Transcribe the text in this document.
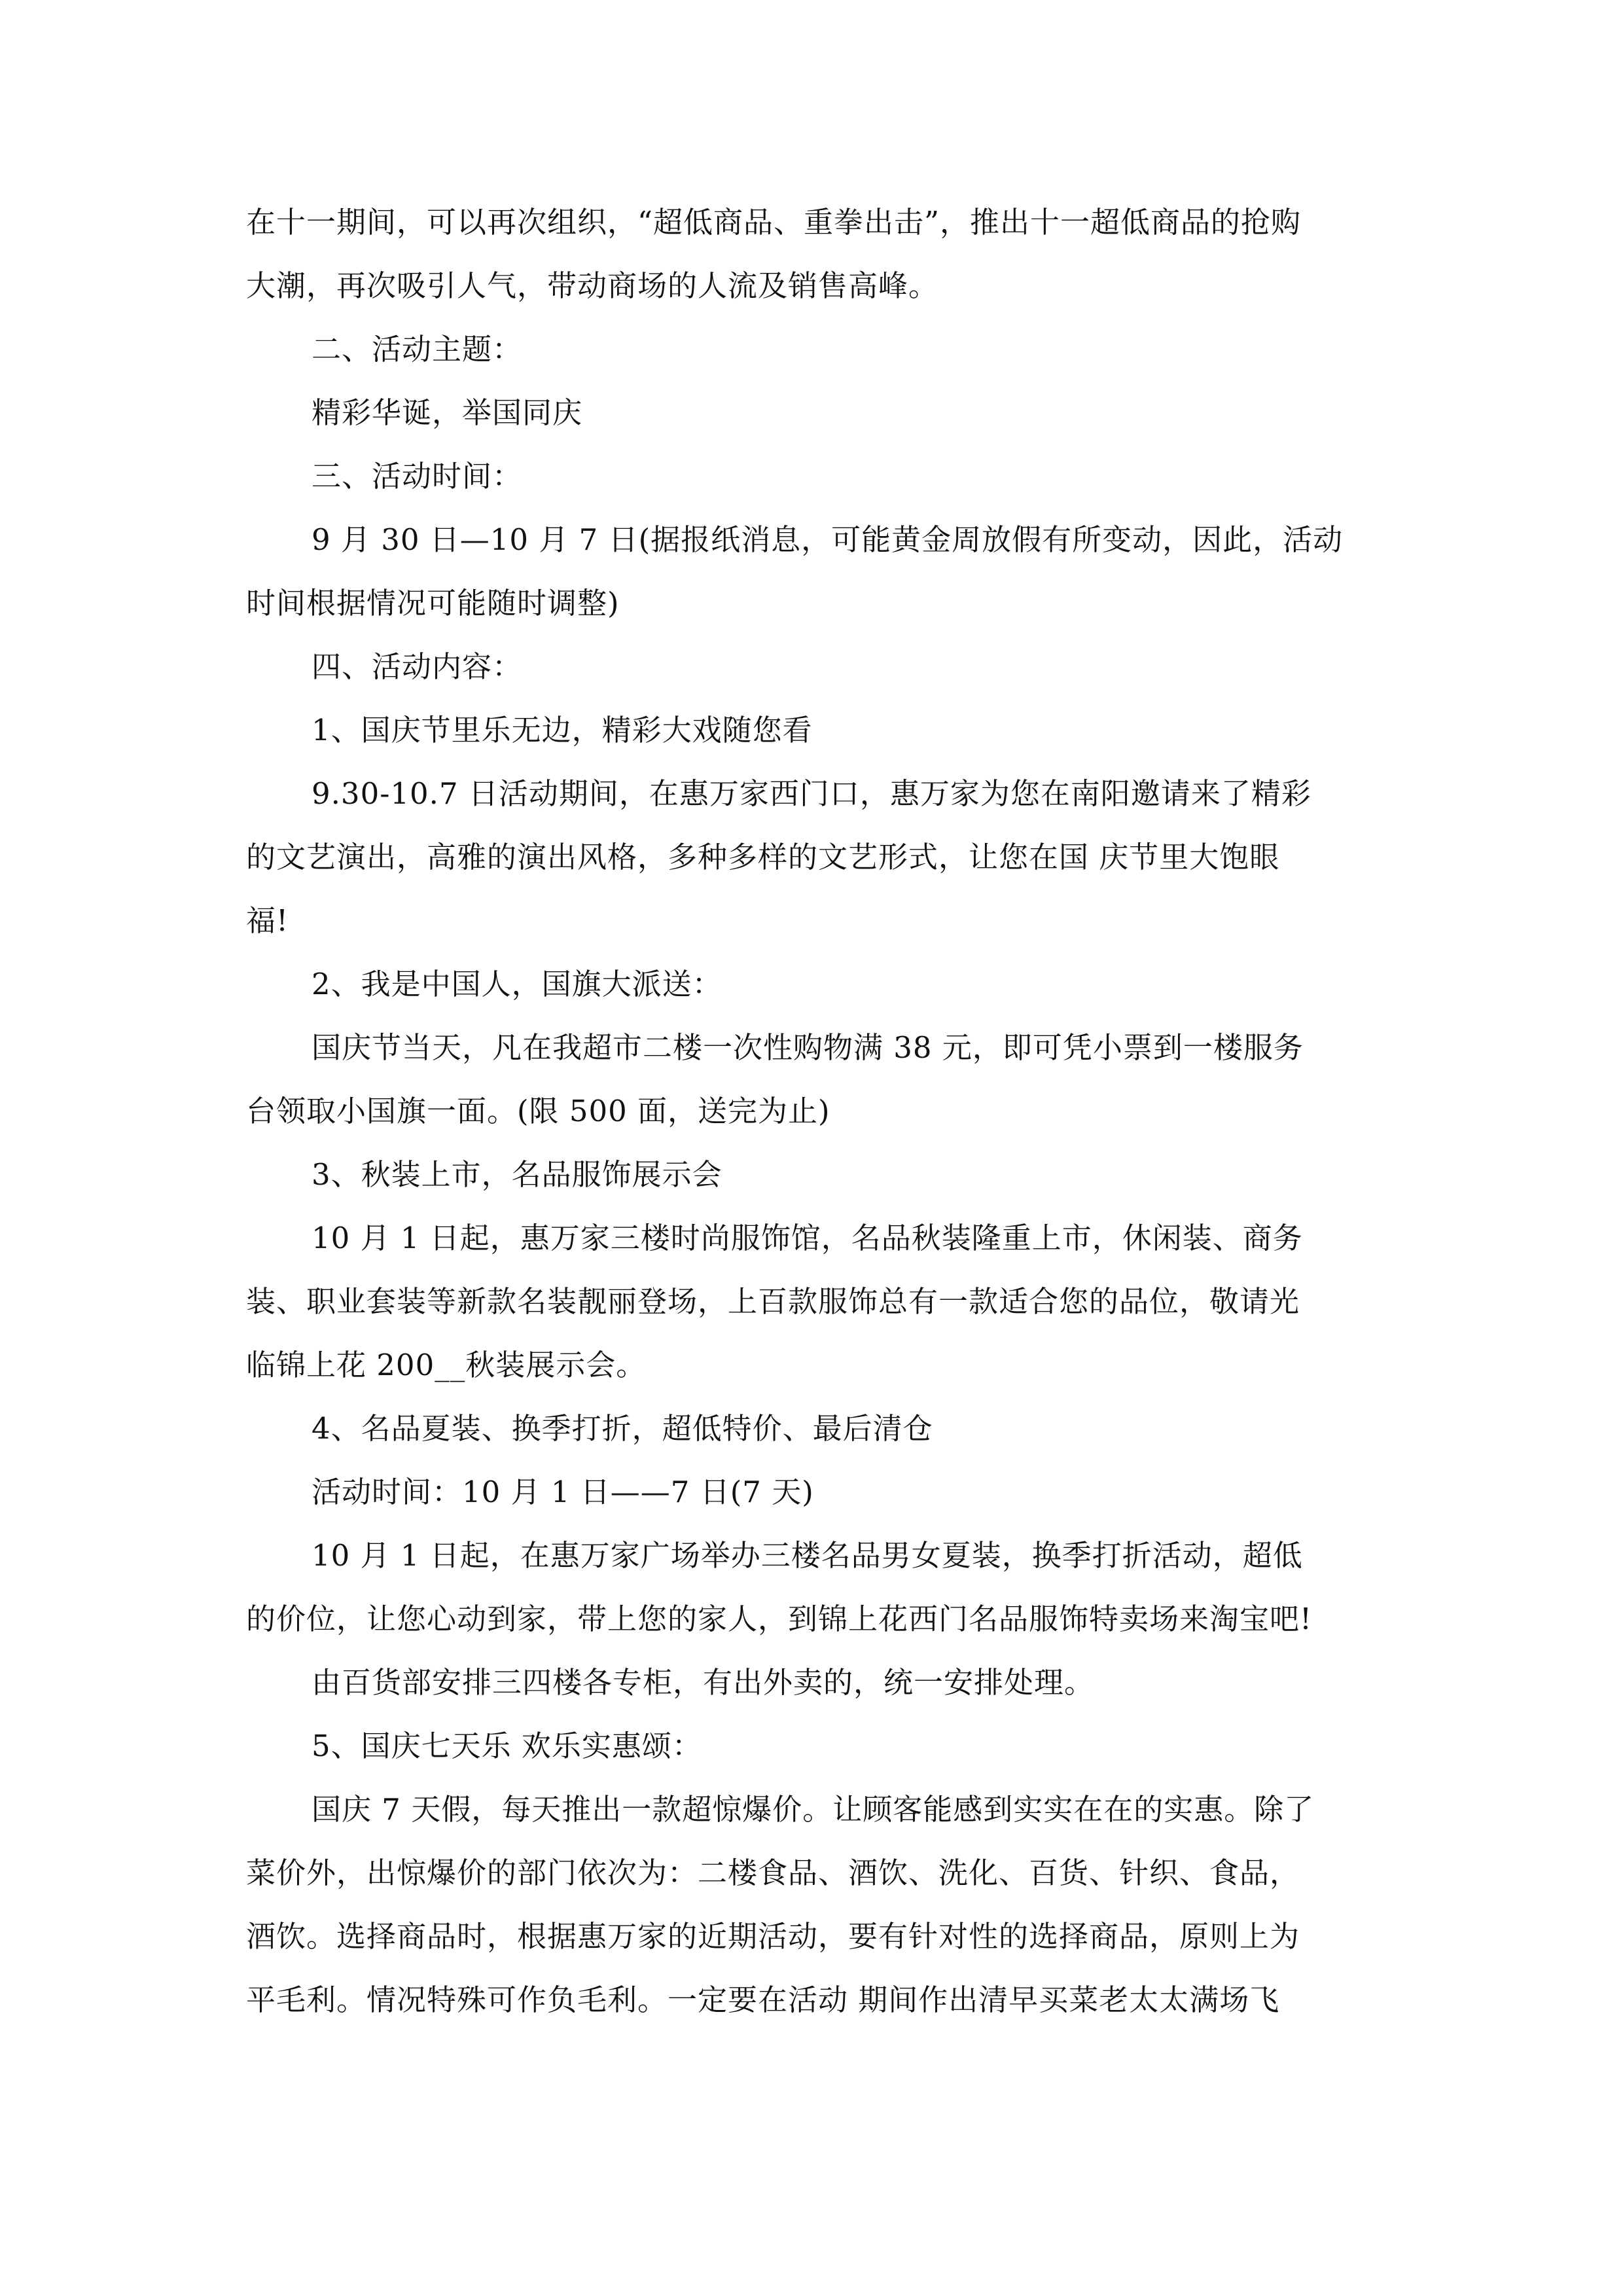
在十一期间，可以再次组织，“超低商品、重拳出击”，推出十一超低商品的抢购
大潮，再次吸引人气，带动商场的人流及销售高峰。
二、活动主题：
精彩华诞，举国同庆
三、活动时间：
9 月 30 日—10 月 7 日(据报纸消息，可能黄金周放假有所变动，因此，活动
时间根据情况可能随时调整)
四、活动内容：
1、国庆节里乐无边，精彩大戏随您看
9.30-10.7 日活动期间，在惠万家西门口，惠万家为您在南阳邀请来了精彩
的文艺演出，高雅的演出风格，多种多样的文艺形式，让您在国 庆节里大饱眼
福!
2、我是中国人，国旗大派送：
国庆节当天，凡在我超市二楼一次性购物满 38 元，即可凭小票到一楼服务
台领取小国旗一面。(限 500 面，送完为止)
3、秋装上市，名品服饰展示会
10 月 1 日起，惠万家三楼时尚服饰馆，名品秋装隆重上市，休闲装、商务
装、职业套装等新款名装靓丽登场，上百款服饰总有一款适合您的品位，敬请光
临锦上花 200__秋装展示会。
4、名品夏装、换季打折，超低特价、最后清仓
活动时间：10 月 1 日——7 日(7 天)
10 月 1 日起，在惠万家广场举办三楼名品男女夏装，换季打折活动，超低
的价位，让您心动到家，带上您的家人，到锦上花西门名品服饰特卖场来淘宝吧!
由百货部安排三四楼各专柜，有出外卖的，统一安排处理。
5、国庆七天乐 欢乐实惠颂：
国庆 7 天假，每天推出一款超惊爆价。让顾客能感到实实在在的实惠。除了
菜价外，出惊爆价的部门依次为：二楼食品、酒饮、洗化、百货、针织、食品，
酒饮。选择商品时，根据惠万家的近期活动，要有针对性的选择商品，原则上为
平毛利。情况特殊可作负毛利。一定要在活动 期间作出清早买菜老太太满场飞
